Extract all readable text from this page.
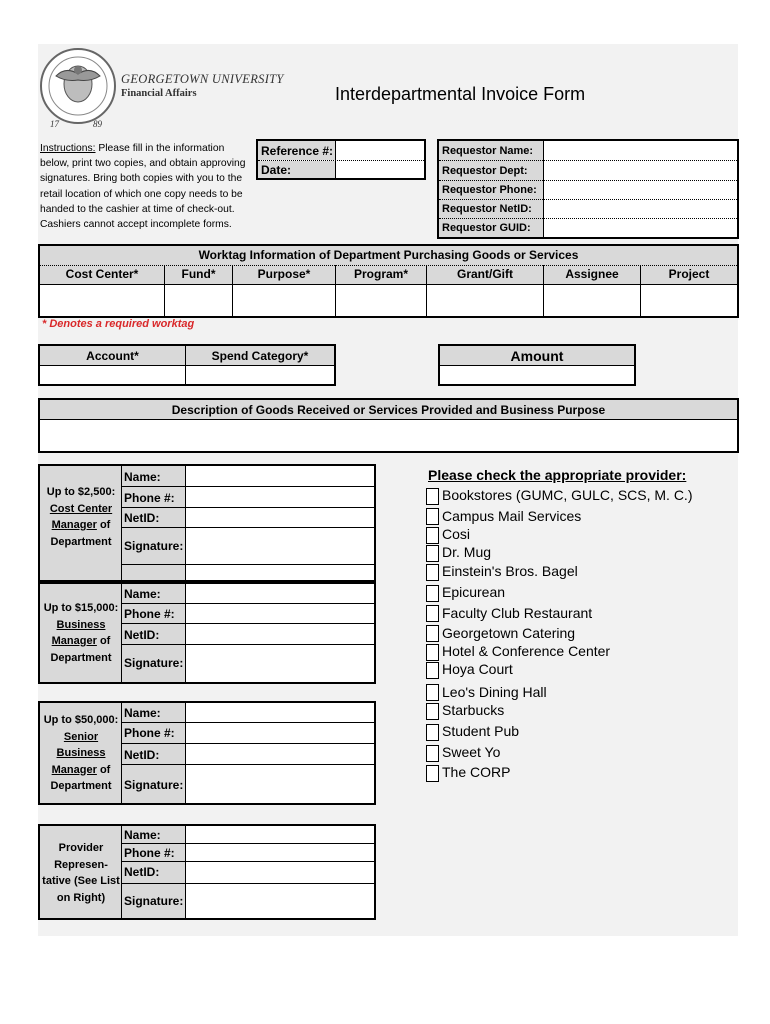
17	89
GEORGETOWN UNIVERSITY
Financial Affairs	Interdepartmental Invoice Form
Instructions: Please fill in the information below, print two copies, and obtain approving signatures. Bring both copies with you to the retail location of which one copy needs to be handed to the cashier at time of check-out. Cashiers cannot accept incomplete forms.
Reference #:
Date:
Requestor Name:
Requestor Dept:
Requestor Phone:
Requestor NetID:
Requestor GUID:
Worktag Information of Department Purchasing Goods or Services
Cost Center*	Fund*	Purpose*	Program*	Grant/Gift	Assignee	Project
* Denotes a required worktag
Account*	Spend Category*	Amount
Description of Goods Received or Services Provided and Business Purpose
Up to $2,500:
Cost Center
Manager of
Department
Name:
Phone #:
NetID:
Signature:
Up to $15,000:
Business
Manager of
Department
Name:
Phone #:
NetID:
Signature:
Up to $50,000:
Senior
Business
Manager of
Department
Name:
Phone #:
NetID:
Signature:
Provider
Represen-
tative (See List
on Right)
Name:
Phone #:
NetID:
Signature:
Please check the appropriate provider:
Bookstores (GUMC, GULC, SCS, M. C.)
Campus Mail Services
Cosi
Dr. Mug
Einstein's Bros. Bagel
Epicurean
Faculty Club Restaurant
Georgetown Catering
Hotel & Conference Center
Hoya Court
Leo's Dining Hall
Starbucks
Student Pub
Sweet Yo
The CORP
